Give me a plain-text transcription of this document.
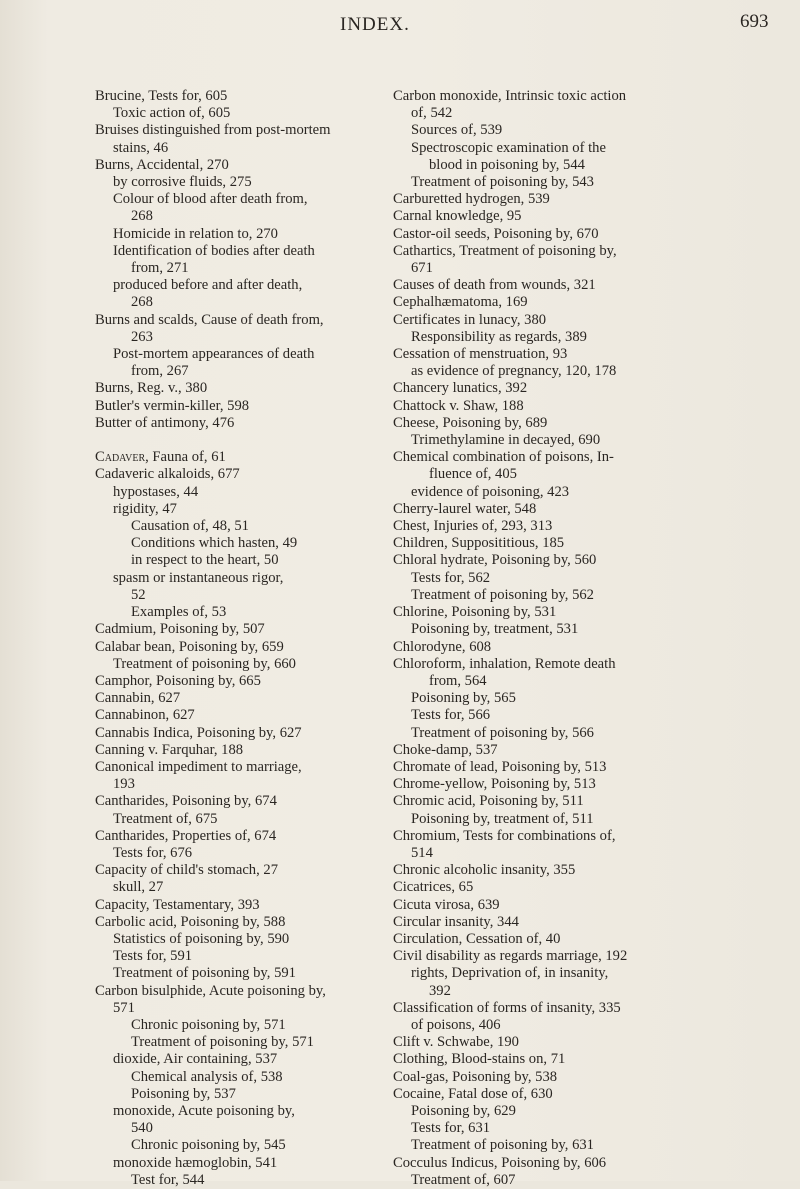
INDEX.	693
Brucine, Tests for, 605
Toxic action of, 605
Bruises distinguished from post-mortem
stains, 46
Burns, Accidental, 270
by corrosive fluids, 275
Colour of blood after death from,
268
Homicide in relation to, 270
Identification of bodies after death
from, 271
produced before and after death,
268
Burns and scalds, Cause of death from,
263
Post-mortem appearances of death
from, 267
Burns, Reg. v., 380
Butler's vermin-killer, 598
Butter of antimony, 476

Cadaver, Fauna of, 61
Cadaveric alkaloids, 677
hypostases, 44
rigidity, 47
Causation of, 48, 51
Conditions which hasten, 49
in respect to the heart, 50
spasm or instantaneous rigor,
52
Examples of, 53
Cadmium, Poisoning by, 507
Calabar bean, Poisoning by, 659
Treatment of poisoning by, 660
Camphor, Poisoning by, 665
Cannabin, 627
Cannabinon, 627
Cannabis Indica, Poisoning by, 627
Canning v. Farquhar, 188
Canonical impediment to marriage,
193
Cantharides, Poisoning by, 674
Treatment of, 675
Cantharides, Properties of, 674
Tests for, 676
Capacity of child's stomach, 27
skull, 27
Capacity, Testamentary, 393
Carbolic acid, Poisoning by, 588
Statistics of poisoning by, 590
Tests for, 591
Treatment of poisoning by, 591
Carbon bisulphide, Acute poisoning by,
571
Chronic poisoning by, 571
Treatment of poisoning by, 571
dioxide, Air containing, 537
Chemical analysis of, 538
Poisoning by, 537
monoxide, Acute poisoning by,
540
Chronic poisoning by, 545
monoxide hæmoglobin, 541
Test for, 544
Carbon monoxide, Intrinsic toxic action
of, 542
Sources of, 539
Spectroscopic examination of the
blood in poisoning by, 544
Treatment of poisoning by, 543
Carburetted hydrogen, 539
Carnal knowledge, 95
Castor-oil seeds, Poisoning by, 670
Cathartics, Treatment of poisoning by,
671
Causes of death from wounds, 321
Cephalhæmatoma, 169
Certificates in lunacy, 380
Responsibility as regards, 389
Cessation of menstruation, 93
as evidence of pregnancy, 120, 178
Chancery lunatics, 392
Chattock v. Shaw, 188
Cheese, Poisoning by, 689
Trimethylamine in decayed, 690
Chemical combination of poisons, In-
fluence of, 405
evidence of poisoning, 423
Cherry-laurel water, 548
Chest, Injuries of, 293, 313
Children, Supposititious, 185
Chloral hydrate, Poisoning by, 560
Tests for, 562
Treatment of poisoning by, 562
Chlorine, Poisoning by, 531
Poisoning by, treatment, 531
Chlorodyne, 608
Chloroform, inhalation, Remote death
from, 564
Poisoning by, 565
Tests for, 566
Treatment of poisoning by, 566
Choke-damp, 537
Chromate of lead, Poisoning by, 513
Chrome-yellow, Poisoning by, 513
Chromic acid, Poisoning by, 511
Poisoning by, treatment of, 511
Chromium, Tests for combinations of,
514
Chronic alcoholic insanity, 355
Cicatrices, 65
Cicuta virosa, 639
Circular insanity, 344
Circulation, Cessation of, 40
Civil disability as regards marriage, 192
rights, Deprivation of, in insanity,
392
Classification of forms of insanity, 335
of poisons, 406
Clift v. Schwabe, 190
Clothing, Blood-stains on, 71
Coal-gas, Poisoning by, 538
Cocaine, Fatal dose of, 630
Poisoning by, 629
Tests for, 631
Treatment of poisoning by, 631
Cocculus Indicus, Poisoning by, 606
Treatment of, 607
